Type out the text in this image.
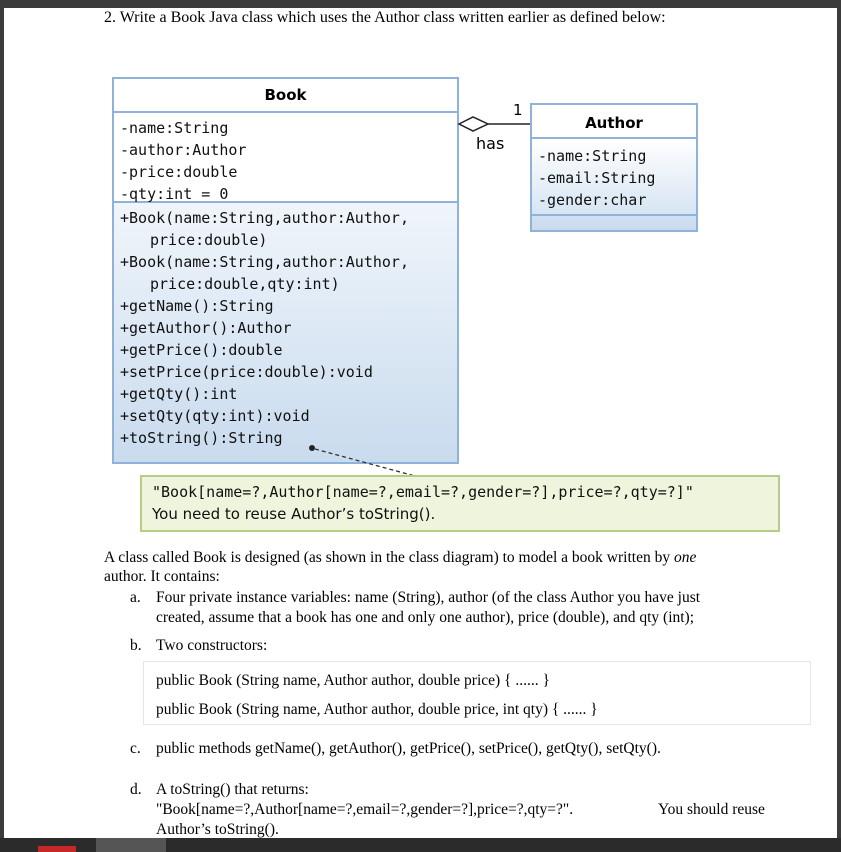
2. Write a Book Java class which uses the Author class written earlier as defined below:
Book
-name:String
-author:Author
-price:double
-qty:int = 0
+Book(name:String,author:Author,
price:double)
+Book(name:String,author:Author,
price:double,qty:int)
+getName():String
+getAuthor():Author
+getPrice():double
+setPrice(price:double):void
+getQty():int
+setQty(qty:int):void
+toString():String
1
has
Author
-name:String
-email:String
-gender:char
"Book[name=?,Author[name=?,email=?,gender=?],price=?,qty=?]"
You need to reuse Author’s toString().
A class called Book is designed (as shown in the class diagram) to model a book written by one
author. It contains:
a. Four private instance variables: name (String), author (of the class Author you have just
created, assume that a book has one and only one author), price (double), and qty (int);
b. Two constructors:
public Book (String name, Author author, double price) { ...... }
public Book (String name, Author author, double price, int qty) { ...... }
c. public methods getName(), getAuthor(), getPrice(), setPrice(), getQty(), setQty().
d. A toString() that returns:
"Book[name=?,Author[name=?,email=?,gender=?],price=?,qty=?".	You should reuse
Author’s toString().
